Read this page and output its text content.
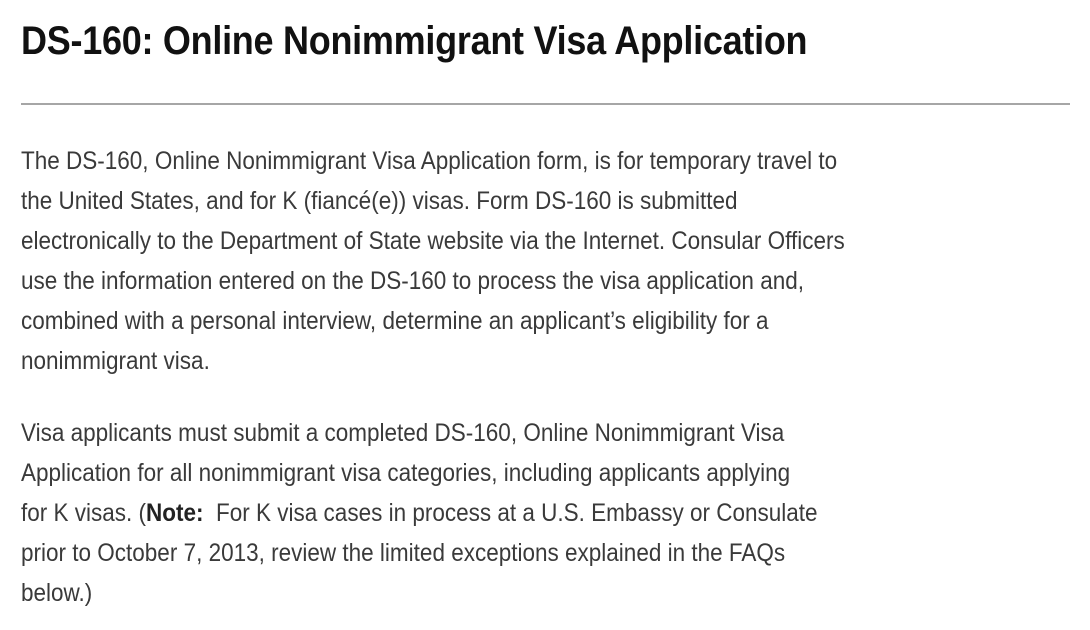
DS-160: Online Nonimmigrant Visa Application

The DS-160, Online Nonimmigrant Visa Application form, is for temporary travel to
the United States, and for K (fiancé(e)) visas. Form DS-160 is submitted
electronically to the Department of State website via the Internet. Consular Officers
use the information entered on the DS-160 to process the visa application and,
combined with a personal interview, determine an applicant’s eligibility for a
nonimmigrant visa.

Visa applicants must submit a completed DS-160, Online Nonimmigrant Visa
Application for all nonimmigrant visa categories, including applicants applying
for K visas. (Note:  For K visa cases in process at a U.S. Embassy or Consulate
prior to October 7, 2013, review the limited exceptions explained in the FAQs
below.)
